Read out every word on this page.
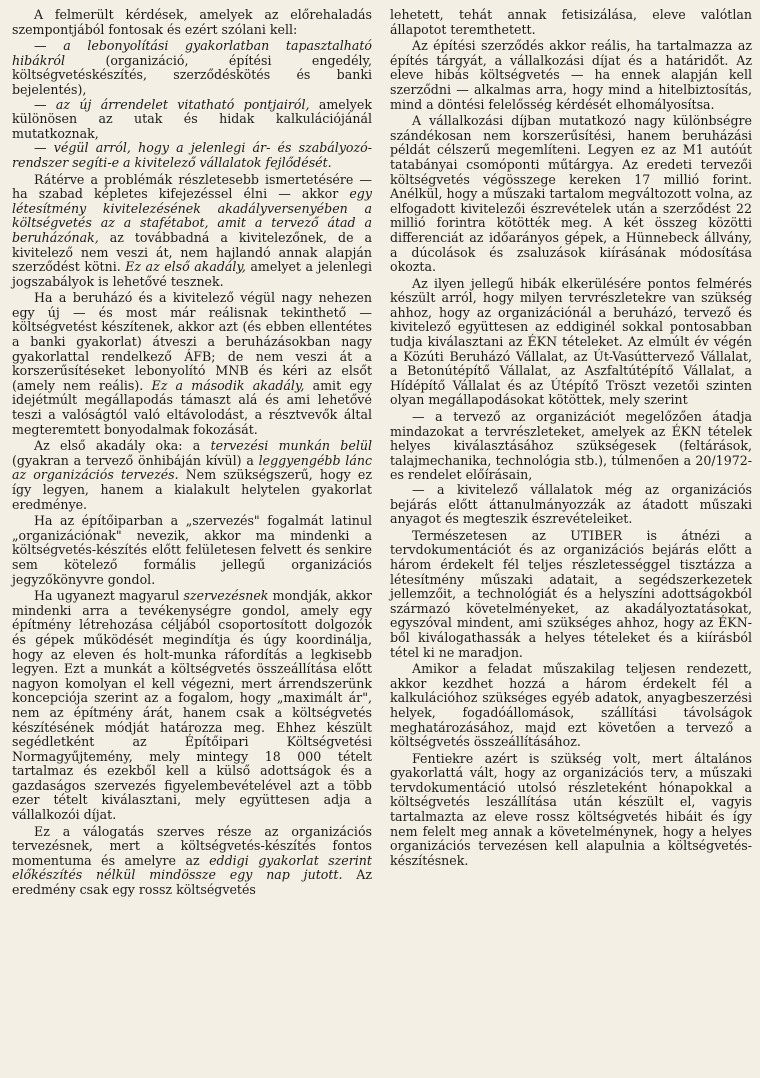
A felmerült kérdések, amelyek az előrehaladás szempontjából fontosak és ezért szólani kell:

— a lebonyolítási gyakorlatban tapasztalható hibákról (organizáció, építési engedély, költségvetéskészítés, szerződéskötés és banki bejelentés),
— az új árrendelet vitatható pontjairól, amelyek különösen az utak és hidak kalkulációjánál mutatkoznak,
— végül arról, hogy a jelenlegi ár- és szabályozó-rendszer segíti-e a kivitelező vállalatok fejlődését.

Rátérve a problémák részletesebb ismertetésére — ha szabad képletes kifejezéssel élni — akkor egy létesítmény kivitelezésének akadályversenyében a költségvetés az a stafétabot, amit a tervező átad a beruházónak, az továbbadná a kivitelezőnek, de a kivitelező nem veszi át, nem hajlandó annak alapján szerződést kötni. Ez az első akadály, amelyet a jelenlegi jogszabályok is lehetővé tesznek.

Ha a beruházó és a kivitelező végül nagy nehezen egy új — és most már reálisnak tekinthető — költségvetést készítenek, akkor azt (és ebben ellentétes a banki gyakorlat) átveszi a beruházásokban nagy gyakorlattal rendelkező ÁFB; de nem veszi át a korszerűsítéseket lebonyolító MNB és kéri az elsőt (amely nem reális). Ez a második akadály, amit egy idejétmúlt megállapodás támaszt alá és ami lehetővé teszi a valóságtól való eltávolodást, a résztvevők által megteremtett bonyodalmak fokozását.

Az első akadály oka: a tervezési munkán belül (gyakran a tervező önhibáján kívül) a leggyengébb lánc az organizációs tervezés. Nem szükségszerű, hogy ez így legyen, hanem a kialakult helytelen gyakorlat eredménye.

Ha az építőiparban a „szervezés" fogalmát latinul „organizációnak" nevezik, akkor ma mindenki a költségvetés-készítés előtt felületesen felvett és senkire sem kötelező formális jellegű organizációs jegyzőkönyvre gondol.

Ha ugyanezt magyarul szervezésnek mondják, akkor mindenki arra a tevékenységre gondol, amely egy építmény létrehozása céljából csoportosított dolgozók és gépek működését megindítja és úgy koordinálja, hogy az eleven és holt-munka ráfordítás a legkisebb legyen. Ezt a munkát a költségvetés összeállítása előtt nagyon komolyan el kell végezni, mert árrendszerünk koncepciója szerint az a fogalom, hogy „maximált ár", nem az építmény árát, hanem csak a költségvetés készítésének módját határozza meg. Ehhez készült segédletként az Építőipari Költségvetési Normagyűjtemény, mely mintegy 18 000 tételt tartalmaz és ezekből kell a külső adottságok és a gazdaságos szervezés figyelembevételével azt a több ezer tételt kiválasztani, mely együttesen adja a vállalkozói díjat.

Ez a válogatás szerves része az organizációs tervezésnek, mert a költségvetés-készítés fontos momentuma és amelyre az eddigi gyakorlat szerint előkészítés nélkül mindössze egy nap jutott. Az eredmény csak egy rossz költségvetés

lehetett, tehát annak fetisizálása, eleve valótlan állapotot teremthetett.

Az építési szerződés akkor reális, ha tartalmazza az építés tárgyát, a vállalkozási díjat és a határidőt. Az eleve hibás költségvetés — ha ennek alapján kell szerződni — alkalmas arra, hogy mind a hitelbiztosítás, mind a döntési felelősség kérdését elhomályosítsa.

A vállalkozási díjban mutatkozó nagy különbségre szándékosan nem korszerűsítési, hanem beruházási példát célszerű megemlíteni. Legyen ez az M1 autóút tatabányai csomóponti műtárgya. Az eredeti tervezői költségvetés végösszege kereken 17 millió forint. Anélkül, hogy a műszaki tartalom megváltozott volna, az elfogadott kivitelezői észrevételek után a szerződést 22 millió forintra kötötték meg. A két összeg közötti differenciát az időarányos gépek, a Hünnebeck állvány, a dúcolások és zsaluzások kiírásának módosítása okozta.

Az ilyen jellegű hibák elkerülésére pontos felmérés készült arról, hogy milyen tervrészletekre van szükség ahhoz, hogy az organizációnál a beruházó, tervező és kivitelező együttesen az eddiginél sokkal pontosabban tudja kiválasztani az ÉKN tételeket. Az elmúlt év végén a Közúti Beruházó Vállalat, az Út-Vasúttervező Vállalat, a Betonútépítő Vállalat, az Aszfaltútépítő Vállalat, a Hídépítő Vállalat és az Útépítő Tröszt vezetői szinten olyan megállapodásokat kötöttek, mely szerint

— a tervező az organizációt megelőzően átadja mindazokat a tervrészleteket, amelyek az ÉKN tételek helyes kiválasztásához szükségesek (feltárások, talajmechanika, technológia stb.), túlmenően a 20/1972-es rendelet előírásain,
— a kivitelező vállalatok még az organizációs bejárás előtt áttanulmányozzák az átadott műszaki anyagot és megteszik észrevételeiket.

Természetesen az UTIBER is átnézi a tervdokumentációt és az organizációs bejárás előtt a három érdekelt fél teljes részletességgel tisztázza a létesítmény műszaki adatait, a segédszerkezetek jellemzőit, a technológiát és a helyszíni adottságokból származó követelményeket, az akadályoztatásokat, egyszóval mindent, ami szükséges ahhoz, hogy az ÉKN-ből kiválogathassák a helyes tételeket és a kiírásból tétel ki ne maradjon.

Amikor a feladat műszakilag teljesen rendezett, akkor kezdhet hozzá a három érdekelt fél a kalkulációhoz szükséges egyéb adatok, anyagbeszerzési helyek, fogadóállomások, szállítási távolságok meghatározásához, majd ezt követően a tervező a költségvetés összeállításához.

Fentiekre azért is szükség volt, mert általános gyakorlattá vált, hogy az organizációs terv, a műszaki tervdokumentáció utolsó részleteként hónapokkal a költségvetés leszállítása után készült el, vagyis tartalmazta az eleve rossz költségvetés hibáit és így nem felelt meg annak a követelménynek, hogy a helyes organizációs tervezésen kell alapulnia a költségvetés-készítésnek.
